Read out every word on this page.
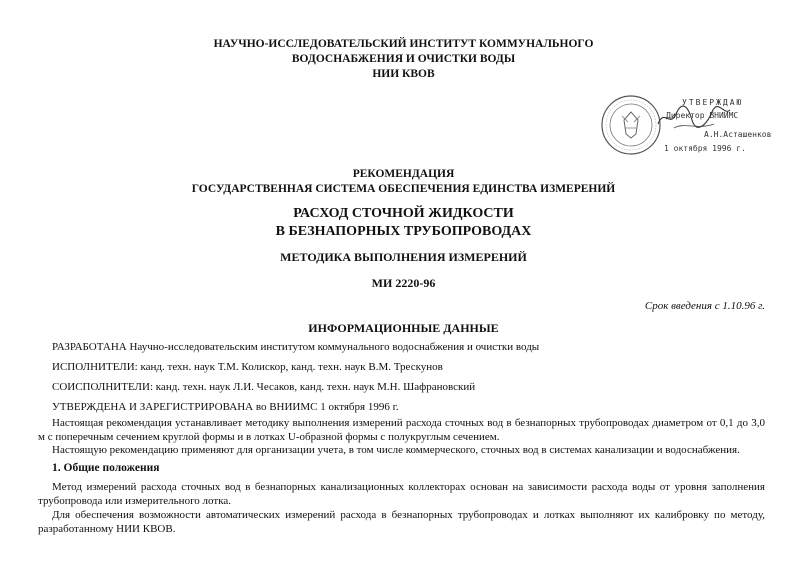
НАУЧНО-ИССЛЕДОВАТЕЛЬСКИЙ ИНСТИТУТ КОММУНАЛЬНОГО
ВОДОСНАБЖЕНИЯ И ОЧИСТКИ ВОДЫ
НИИ КВОВ
УТВЕРЖДАЮ
Директор ВНИИМС
А.Н.Асташенков
1 октября 1996 г.
РЕКОМЕНДАЦИЯ
ГОСУДАРСТВЕННАЯ СИСТЕМА ОБЕСПЕЧЕНИЯ ЕДИНСТВА ИЗМЕРЕНИЙ
РАСХОД СТОЧНОЙ ЖИДКОСТИ
В БЕЗНАПОРНЫХ ТРУБОПРОВОДАХ
МЕТОДИКА ВЫПОЛНЕНИЯ ИЗМЕРЕНИЙ
МИ 2220-96
Срок введения с 1.10.96 г.
ИНФОРМАЦИОННЫЕ ДАННЫЕ
РАЗРАБОТАНА Научно-исследовательским институтом коммунального водоснабжения и очистки воды
ИСПОЛНИТЕЛИ: канд. техн. наук Т.М. Колискор, канд. техн. наук В.М. Трескунов
СОИСПОЛНИТЕЛИ: канд. техн. наук Л.И. Чесаков, канд. техн. наук М.Н. Шафрановский
УТВЕРЖДЕНА И ЗАРЕГИСТРИРОВАНА во ВНИИМС 1 октября 1996 г.
Настоящая рекомендация устанавливает методику выполнения измерений расхода сточных вод в безнапорных трубопроводах диаметром от 0,1 до 3,0 м с поперечным сечением круглой формы и в лотках U-образной формы с полукруглым сечением.
Настоящую рекомендацию применяют для организации учета, в том числе коммерческого, сточных вод в системах канализации и водоснабжения.
1. Общие положения
Метод измерений расхода сточных вод в безнапорных канализационных коллекторах основан на зависимости расхода воды от уровня заполнения трубопровода или измерительного лотка.
Для обеспечения возможности автоматических измерений расхода в безнапорных трубопроводах и лотках выполняют их калибровку по методу, разработанному НИИ КВОВ.
